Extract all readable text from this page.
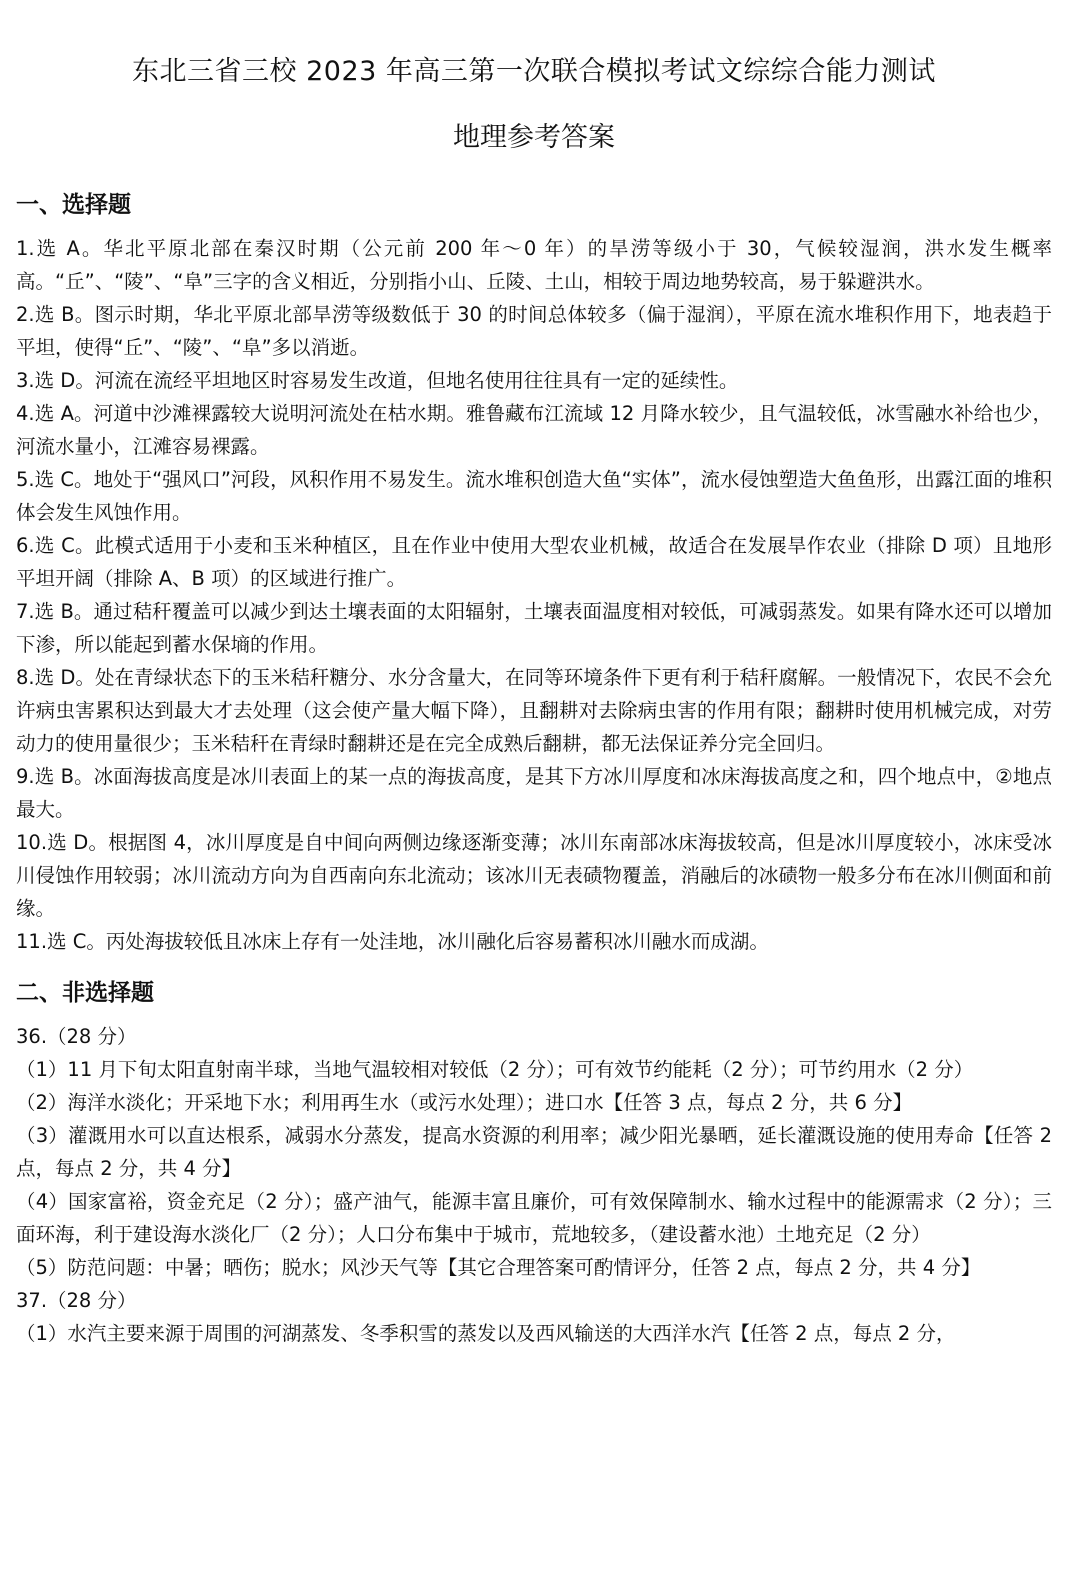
东北三省三校 2023 年高三第一次联合模拟考试文综综合能力测试
地理参考答案
一、选择题

1.选 A。华北平原北部在秦汉时期（公元前 200 年～0 年）的旱涝等级小于 30，气候较湿润，洪水发生概率高。“丘”、“陵”、“阜”三字的含义相近，分别指小山、丘陵、土山，相较于周边地势较高，易于躲避洪水。

2.选 B。图示时期，华北平原北部旱涝等级数低于 30 的时间总体较多（偏于湿润），平原在流水堆积作用下，地表趋于平坦，使得“丘”、“陵”、“阜”多以消逝。

3.选 D。河流在流经平坦地区时容易发生改道，但地名使用往往具有一定的延续性。

4.选 A。河道中沙滩裸露较大说明河流处在枯水期。雅鲁藏布江流域 12 月降水较少，且气温较低，冰雪融水补给也少，河流水量小，江滩容易裸露。

5.选 C。地处于“强风口”河段，风积作用不易发生。流水堆积创造大鱼“实体”，流水侵蚀塑造大鱼鱼形，出露江面的堆积体会发生风蚀作用。

6.选 C。此模式适用于小麦和玉米种植区，且在作业中使用大型农业机械，故适合在发展旱作农业（排除 D 项）且地形平坦开阔（排除 A、B 项）的区域进行推广。

7.选 B。通过秸秆覆盖可以减少到达土壤表面的太阳辐射，土壤表面温度相对较低，可减弱蒸发。如果有降水还可以增加下渗，所以能起到蓄水保墒的作用。

8.选 D。处在青绿状态下的玉米秸秆糖分、水分含量大，在同等环境条件下更有利于秸秆腐解。一般情况下，农民不会允许病虫害累积达到最大才去处理（这会使产量大幅下降），且翻耕对去除病虫害的作用有限；翻耕时使用机械完成，对劳动力的使用量很少；玉米秸秆在青绿时翻耕还是在完全成熟后翻耕，都无法保证养分完全回归。

9.选 B。冰面海拔高度是冰川表面上的某一点的海拔高度，是其下方冰川厚度和冰床海拔高度之和，四个地点中，②地点最大。

10.选 D。根据图 4，冰川厚度是自中间向两侧边缘逐渐变薄；冰川东南部冰床海拔较高，但是冰川厚度较小，冰床受冰川侵蚀作用较弱；冰川流动方向为自西南向东北流动；该冰川无表碛物覆盖，消融后的冰碛物一般多分布在冰川侧面和前缘。

11.选 C。丙处海拔较低且冰床上存有一处洼地，冰川融化后容易蓄积冰川融水而成湖。

二、非选择题

36.（28 分）

（1）11 月下旬太阳直射南半球，当地气温较相对较低（2 分）；可有效节约能耗（2 分）；可节约用水（2 分）

（2）海洋水淡化；开采地下水；利用再生水（或污水处理）；进口水【任答 3 点，每点 2 分，共 6 分】

（3）灌溉用水可以直达根系，减弱水分蒸发，提高水资源的利用率；减少阳光暴晒，延长灌溉设施的使用寿命【任答 2 点，每点 2 分，共 4 分】

（4）国家富裕，资金充足（2 分）；盛产油气，能源丰富且廉价，可有效保障制水、输水过程中的能源需求（2 分）；三面环海，利于建设海水淡化厂（2 分）；人口分布集中于城市，荒地较多，（建设蓄水池）土地充足（2 分）

（5）防范问题：中暑；晒伤；脱水；风沙天气等【其它合理答案可酌情评分，任答 2 点，每点 2 分，共 4 分】

37.（28 分）

（1）水汽主要来源于周围的河湖蒸发、冬季积雪的蒸发以及西风输送的大西洋水汽【任答 2 点，每点 2 分，
